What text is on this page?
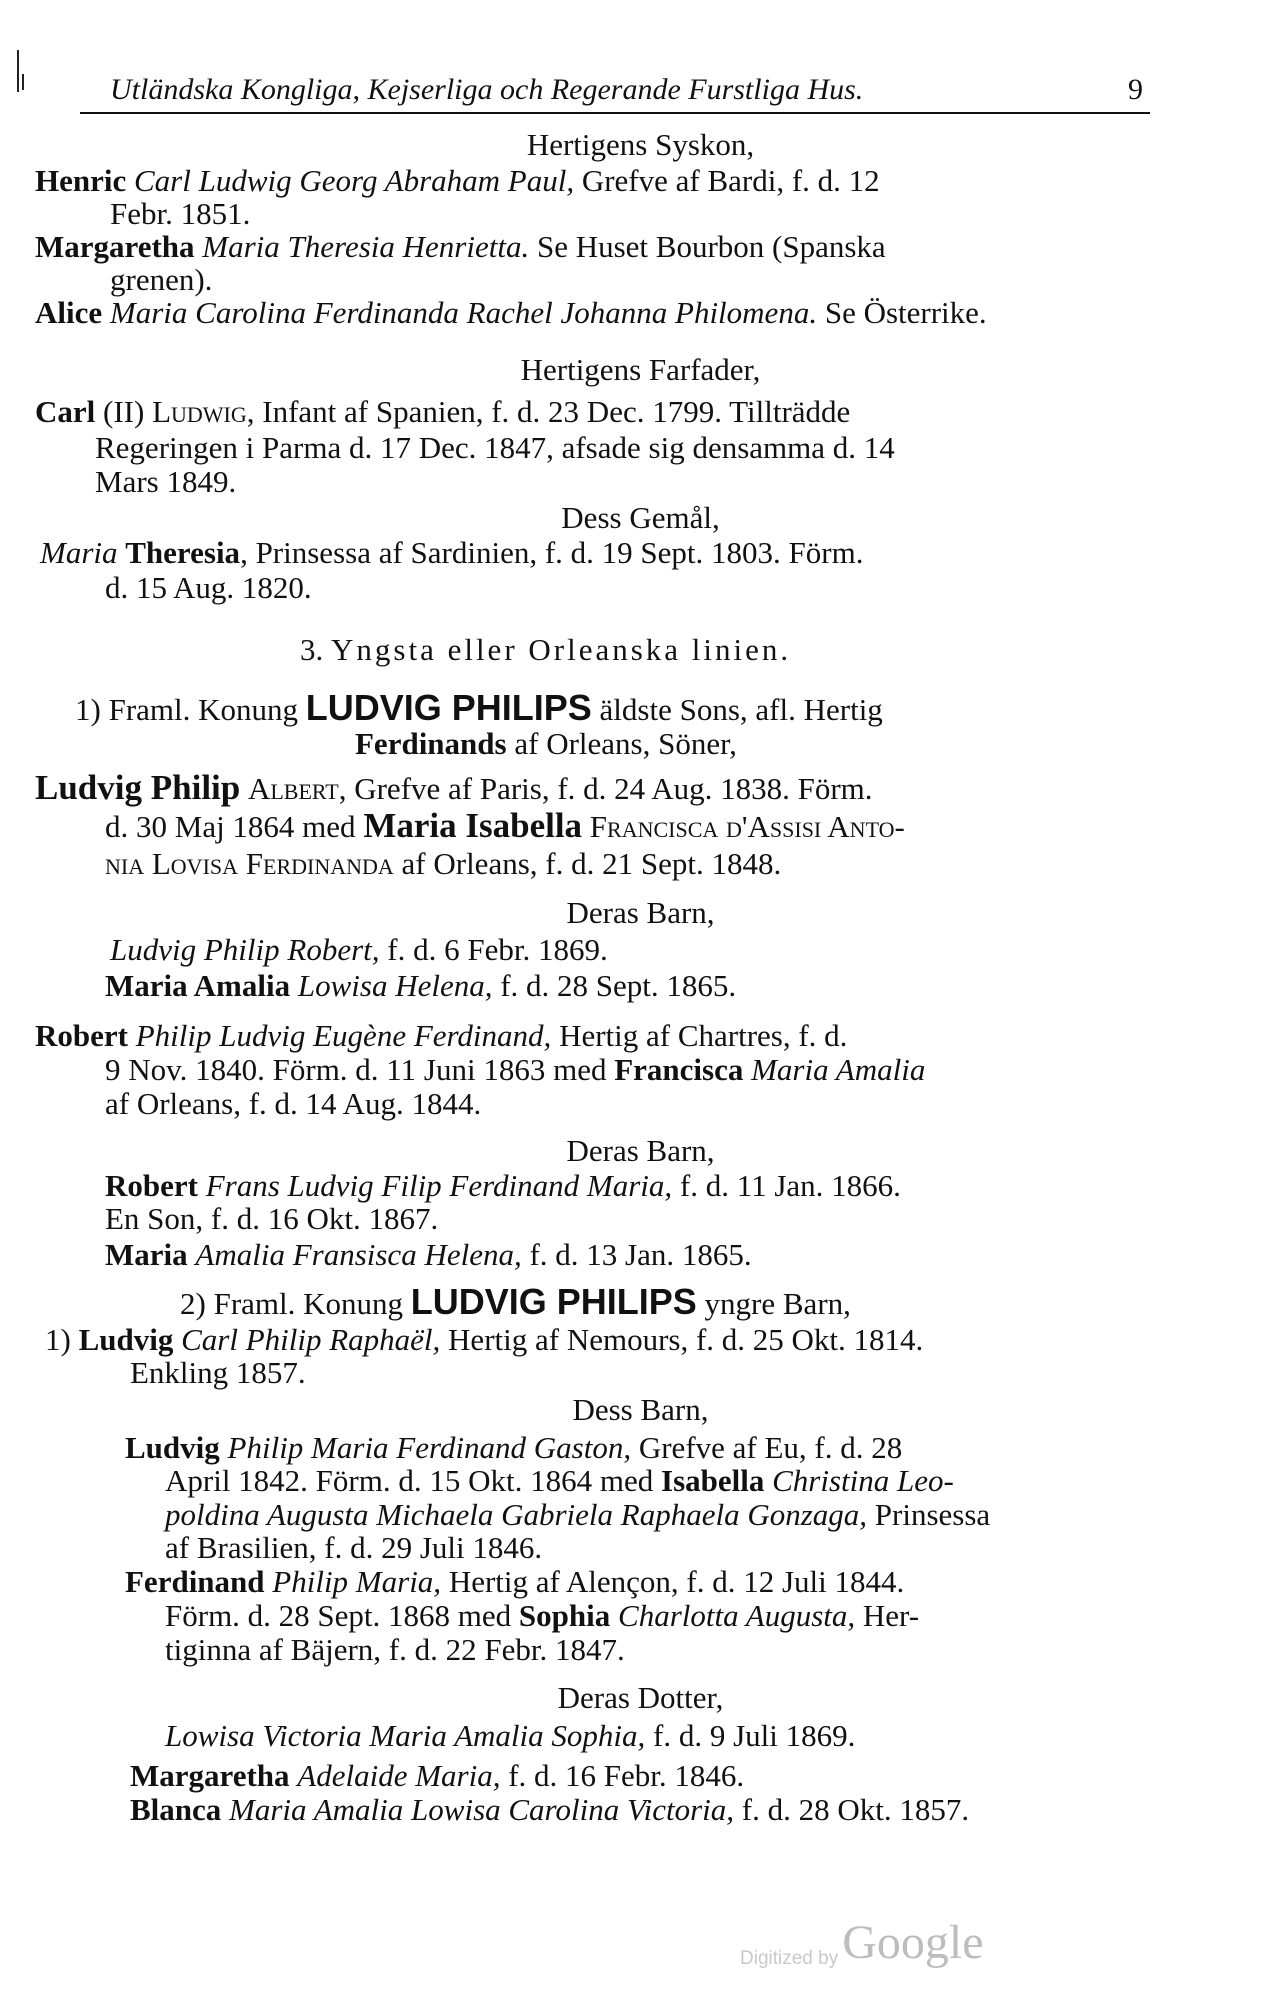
Utländska Kongliga, Kejserliga och Regerande Furstliga Hus.	9
Hertigens Syskon,
Henric Carl Ludwig Georg Abraham Paul, Grefve af Bardi, f. d. 12
Febr. 1851.
Margaretha Maria Theresia Henrietta. Se Huset Bourbon (Spanska
grenen).
Alice Maria Carolina Ferdinanda Rachel Johanna Philomena. Se Österrike.
Hertigens Farfader,
Carl (II) Ludwig, Infant af Spanien, f. d. 23 Dec. 1799. Tillträdde
Regeringen i Parma d. 17 Dec. 1847, afsade sig densamma d. 14
Mars 1849.
Dess Gemål,
Maria Theresia, Prinsessa af Sardinien, f. d. 19 Sept. 1803. Förm.
d. 15 Aug. 1820.
3. Yngsta eller Orleanska linien.
1) Framl. Konung LUDVIG PHILIPS äldste Sons, afl. Hertig
Ferdinands af Orleans, Söner,
Ludvig Philip Albert, Grefve af Paris, f. d. 24 Aug. 1838. Förm.
d. 30 Maj 1864 med Maria Isabella Francisca d'Assisi Anto-
nia Lovisa Ferdinanda af Orleans, f. d. 21 Sept. 1848.
Deras Barn,
Ludvig Philip Robert, f. d. 6 Febr. 1869.
Maria Amalia Lowisa Helena, f. d. 28 Sept. 1865.
Robert Philip Ludvig Eugène Ferdinand, Hertig af Chartres, f. d.
9 Nov. 1840. Förm. d. 11 Juni 1863 med Francisca Maria Amalia
af Orleans, f. d. 14 Aug. 1844.
Deras Barn,
Robert Frans Ludvig Filip Ferdinand Maria, f. d. 11 Jan. 1866.
En Son, f. d. 16 Okt. 1867.
Maria Amalia Fransisca Helena, f. d. 13 Jan. 1865.
2) Framl. Konung LUDVIG PHILIPS yngre Barn,
1) Ludvig Carl Philip Raphaël, Hertig af Nemours, f. d. 25 Okt. 1814.
Enkling 1857.
Dess Barn,
Ludvig Philip Maria Ferdinand Gaston, Grefve af Eu, f. d. 28
April 1842. Förm. d. 15 Okt. 1864 med Isabella Christina Leo-
poldina Augusta Michaela Gabriela Raphaela Gonzaga, Prinsessa
af Brasilien, f. d. 29 Juli 1846.
Ferdinand Philip Maria, Hertig af Alençon, f. d. 12 Juli 1844.
Förm. d. 28 Sept. 1868 med Sophia Charlotta Augusta, Her-
tiginna af Bäjern, f. d. 22 Febr. 1847.
Deras Dotter,
Lowisa Victoria Maria Amalia Sophia, f. d. 9 Juli 1869.
Margaretha Adelaide Maria, f. d. 16 Febr. 1846.
Blanca Maria Amalia Lowisa Carolina Victoria, f. d. 28 Okt. 1857.
Digitized byGoogle
